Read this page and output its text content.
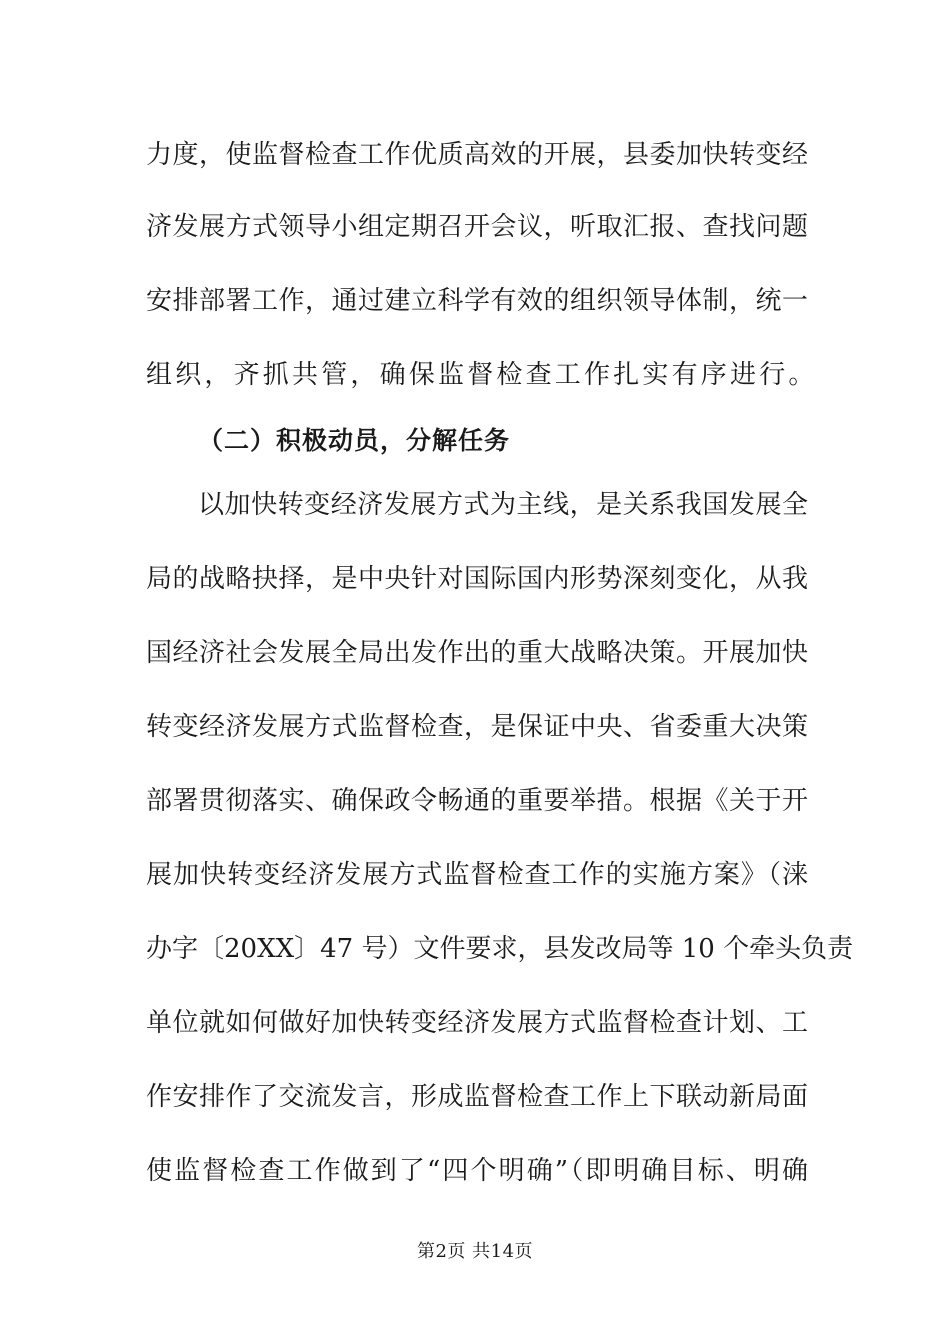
力度，使监督检查工作优质高效的开展，县委加快转变经
济发展方式领导小组定期召开会议，听取汇报、查找问题
安排部署工作，通过建立科学有效的组织领导体制，统一
组织，齐抓共管，确保监督检查工作扎实有序进行。
（二）积极动员，分解任务
以加快转变经济发展方式为主线，是关系我国发展全
局的战略抉择，是中央针对国际国内形势深刻变化，从我
国经济社会发展全局出发作出的重大战略决策。开展加快
转变经济发展方式监督检查，是保证中央、省委重大决策
部署贯彻落实、确保政令畅通的重要举措。根据《关于开
展加快转变经济发展方式监督检查工作的实施方案》（涞
办字〔20XX〕47 号）文件要求，县发改局等 10 个牵头负责
单位就如何做好加快转变经济发展方式监督检查计划、工
作安排作了交流发言，形成监督检查工作上下联动新局面
使监督检查工作做到了“四个明确”（即明确目标、明确
第2页 共14页
